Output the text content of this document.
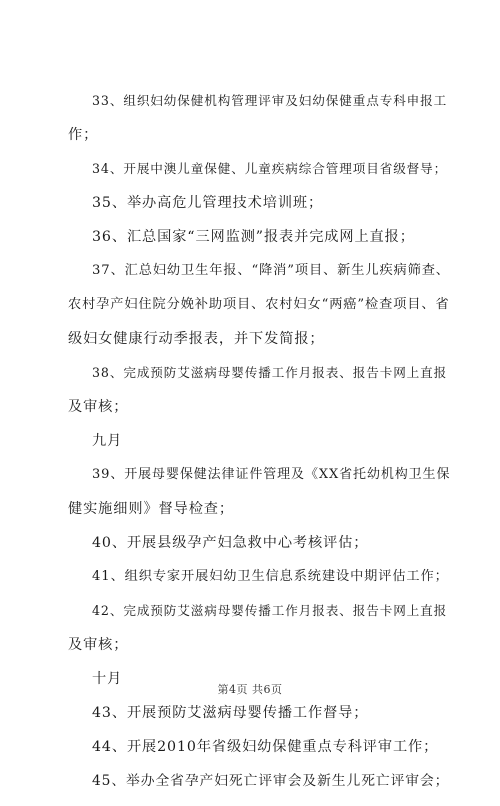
33、组织妇幼保健机构管理评审及妇幼保健重点专科申报工
作；
34、开展中澳儿童保健、儿童疾病综合管理项目省级督导；
35、举办高危儿管理技术培训班；
36、汇总国家“三网监测”报表并完成网上直报；
37、汇总妇幼卫生年报、“降消”项目、新生儿疾病筛查、
农村孕产妇住院分娩补助项目、农村妇女“两癌”检查项目、省
级妇女健康行动季报表，并下发简报；
38、完成预防艾滋病母婴传播工作月报表、报告卡网上直报
及审核；
九月
39、开展母婴保健法律证件管理及《XX省托幼机构卫生保
健实施细则》督导检查；
40、开展县级孕产妇急救中心考核评估；
41、组织专家开展妇幼卫生信息系统建设中期评估工作；
42、完成预防艾滋病母婴传播工作月报表、报告卡网上直报
及审核；
十月
43、开展预防艾滋病母婴传播工作督导；
44、开展2010年省级妇幼保健重点专科评审工作；
45、举办全省孕产妇死亡评审会及新生儿死亡评审会；
第4页 共6页
